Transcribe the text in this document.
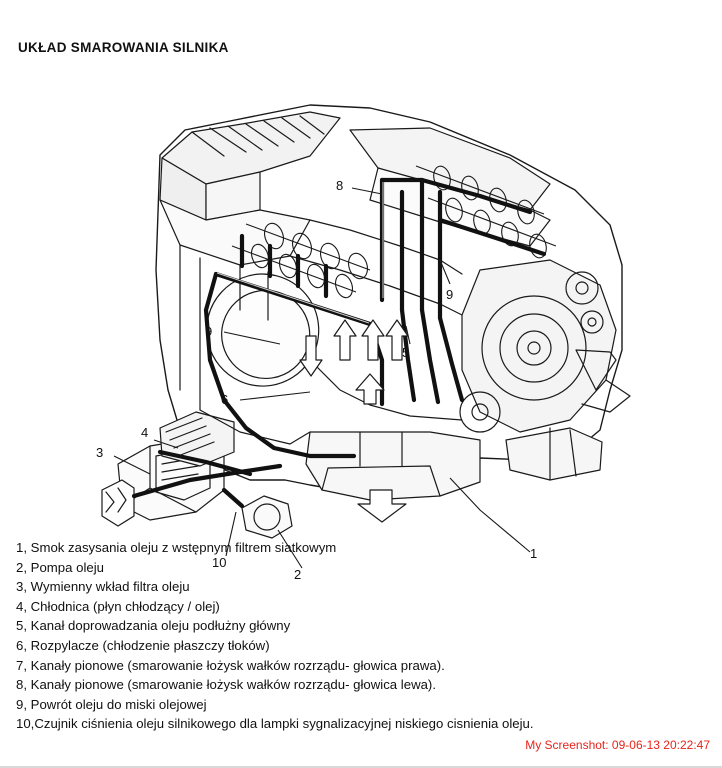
UKŁAD SMAROWANIA SILNIKA
8
9
9
5
6
4
3
10
2
1
1, Smok zasysania oleju z wstępnym filtrem siatkowym
2, Pompa oleju
3, Wymienny wkład filtra oleju
4, Chłodnica (płyn chłodzący / olej)
5, Kanał doprowadzania oleju podłużny główny
6, Rozpylacze (chłodzenie płaszczy tłoków)
7, Kanały pionowe (smarowanie łożysk wałków rozrządu- głowica prawa).
8, Kanały pionowe (smarowanie łożysk wałków rozrządu- głowica lewa).
9, Powrót oleju do miski olejowej
10,Czujnik ciśnienia oleju silnikowego dla lampki sygnalizacyjnej niskiego cisnienia oleju.
My Screenshot: 09-06-13 20:22:47
